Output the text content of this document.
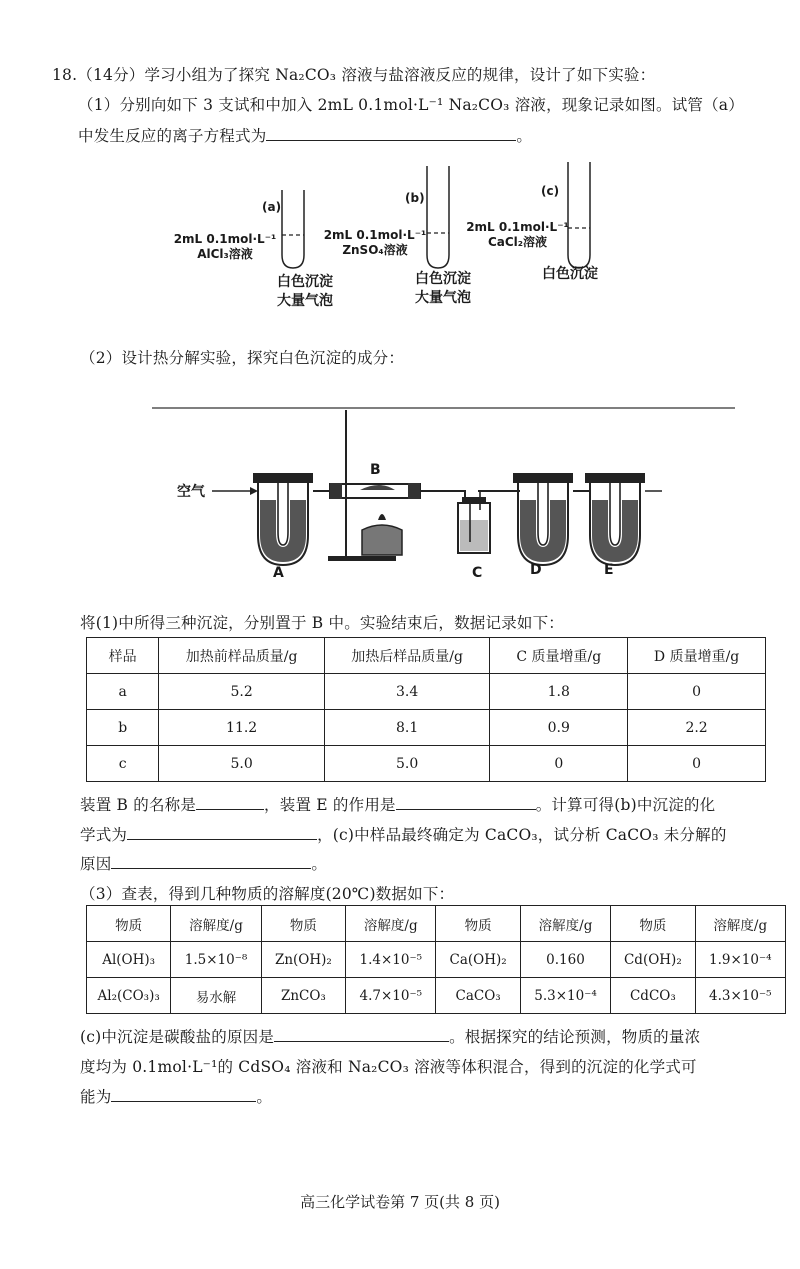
18.（14分）学习小组为了探究 Na₂CO₃ 溶液与盐溶液反应的规律，设计了如下实验：
（1）分别向如下 3 支试和中加入 2mL 0.1mol·L⁻¹ Na₂CO₃ 溶液，现象记录如图。试管（a）
中发生反应的离子方程式为	。
(a)
(b)	(c)
2mL 0.1mol·L⁻¹
AlCl₃溶液
2mL 0.1mol·L⁻¹
ZnSO₄溶液
2mL 0.1mol·L⁻¹
CaCl₂溶液
白色沉淀
大量气泡
白色沉淀
大量气泡
白色沉淀
（2）设计热分解实验，探究白色沉淀的成分：
空气
B
A	C	D	E
将(1)中所得三种沉淀，分别置于 B 中。实验结束后，数据记录如下：
样品	加热前样品质量/g	加热后样品质量/g	C 质量增重/g	D 质量增重/g
a	5.2	3.4	1.8	0
b	11.2	8.1	0.9	2.2
c	5.0	5.0	0	0
装置 B 的名称是	，装置 E 的作用是	。计算可得(b)中沉淀的化
学式为	，(c)中样品最终确定为 CaCO₃，试分析 CaCO₃ 未分解的
原因	。
（3）查表，得到几种物质的溶解度(20℃)数据如下：
物质	溶解度/g	物质	溶解度/g	物质	溶解度/g	物质	溶解度/g
Al(OH)₃	1.5×10⁻⁸	Zn(OH)₂	1.4×10⁻⁵	Ca(OH)₂	0.160	Cd(OH)₂	1.9×10⁻⁴
Al₂(CO₃)₃	易水解	ZnCO₃	4.7×10⁻⁵	CaCO₃	5.3×10⁻⁴	CdCO₃	4.3×10⁻⁵
(c)中沉淀是碳酸盐的原因是	。根据探究的结论预测，物质的量浓
度均为 0.1mol·L⁻¹的 CdSO₄ 溶液和 Na₂CO₃ 溶液等体积混合，得到的沉淀的化学式可
能为	。
高三化学试卷第 7 页(共 8 页)
